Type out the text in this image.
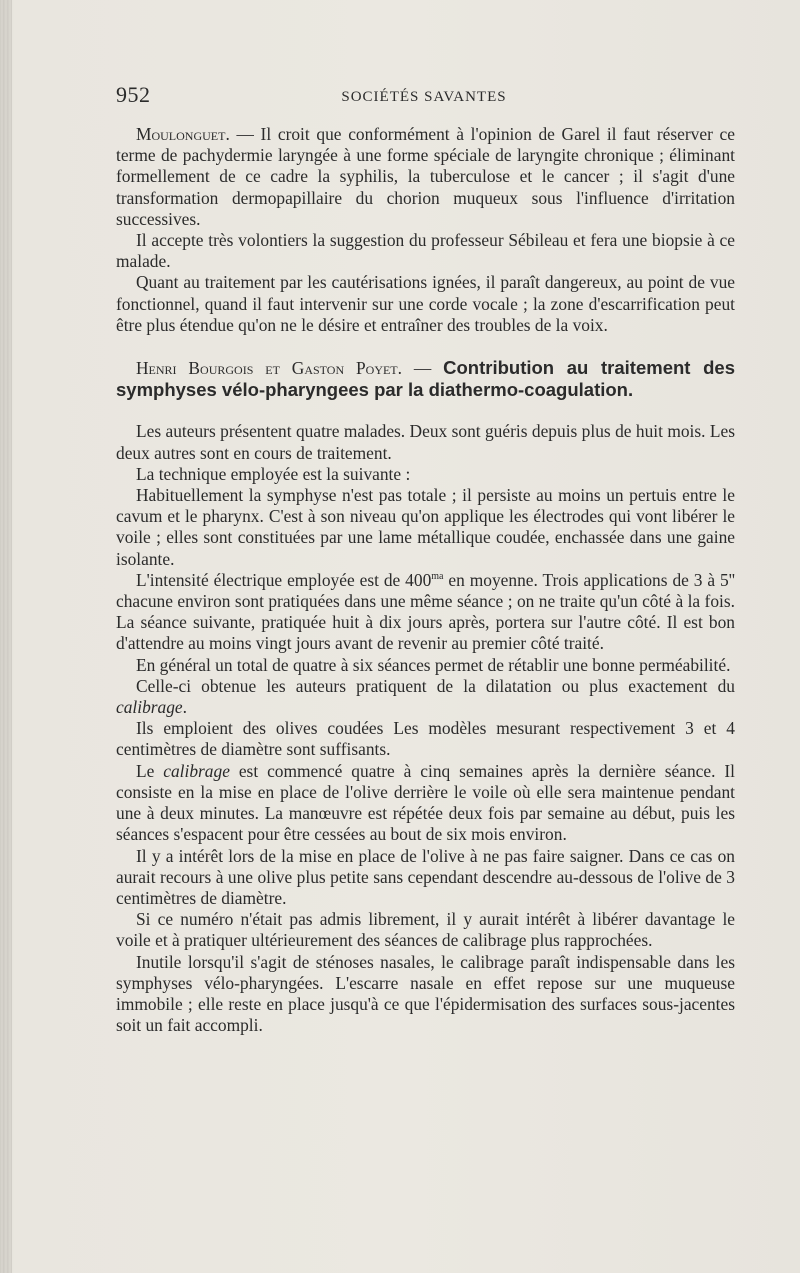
952	SOCIÉTÉS SAVANTES

Moulonguet. — Il croit que conformément à l'opinion de Garel il faut réserver ce terme de pachydermie laryngée à une forme spéciale de laryngite chronique ; éliminant formellement de ce cadre la syphilis, la tuberculose et le cancer ; il s'agit d'une transformation dermopapillaire du chorion muqueux sous l'influence d'irritation successives.

Il accepte très volontiers la suggestion du professeur Sébileau et fera une biopsie à ce malade.

Quant au traitement par les cautérisations ignées, il paraît dangereux, au point de vue fonctionnel, quand il faut intervenir sur une corde vocale ; la zone d'escarrification peut être plus étendue qu'on ne le désire et entraîner des troubles de la voix.

Henri Bourgois et Gaston Poyet. — Contribution au traitement des symphyses vélo-pharyngees par la diathermo-coagulation.

Les auteurs présentent quatre malades. Deux sont guéris depuis plus de huit mois. Les deux autres sont en cours de traitement.

La technique employée est la suivante :

Habituellement la symphyse n'est pas totale ; il persiste au moins un pertuis entre le cavum et le pharynx. C'est à son niveau qu'on applique les électrodes qui vont libérer le voile ; elles sont constituées par une lame métallique coudée, enchassée dans une gaine isolante.

L'intensité électrique employée est de $400^{ma}$ en moyenne. Trois applications de 3 à 5'' chacune environ sont pratiquées dans une même séance ; on ne traite qu'un côté à la fois. La séance suivante, pratiquée huit à dix jours après, portera sur l'autre côté. Il est bon d'attendre au moins vingt jours avant de revenir au premier côté traité.

En général un total de quatre à six séances permet de rétablir une bonne perméabilité.

Celle-ci obtenue les auteurs pratiquent de la dilatation ou plus exactement du calibrage.

Ils emploient des olives coudées Les modèles mesurant respectivement 3 et 4 centimètres de diamètre sont suffisants.

Le calibrage est commencé quatre à cinq semaines après la dernière séance. Il consiste en la mise en place de l'olive derrière le voile où elle sera maintenue pendant une à deux minutes. La manœuvre est répétée deux fois par semaine au début, puis les séances s'espacent pour être cessées au bout de six mois environ.

Il y a intérêt lors de la mise en place de l'olive à ne pas faire saigner. Dans ce cas on aurait recours à une olive plus petite sans cependant descendre au-dessous de l'olive de 3 centimètres de diamètre.

Si ce numéro n'était pas admis librement, il y aurait intérêt à libérer davantage le voile et à pratiquer ultérieurement des séances de calibrage plus rapprochées.

Inutile lorsqu'il s'agit de sténoses nasales, le calibrage paraît indispensable dans les symphyses vélo-pharyngées. L'escarre nasale en effet repose sur une muqueuse immobile ; elle reste en place jusqu'à ce que l'épidermisation des surfaces sous-jacentes soit un fait accompli.
